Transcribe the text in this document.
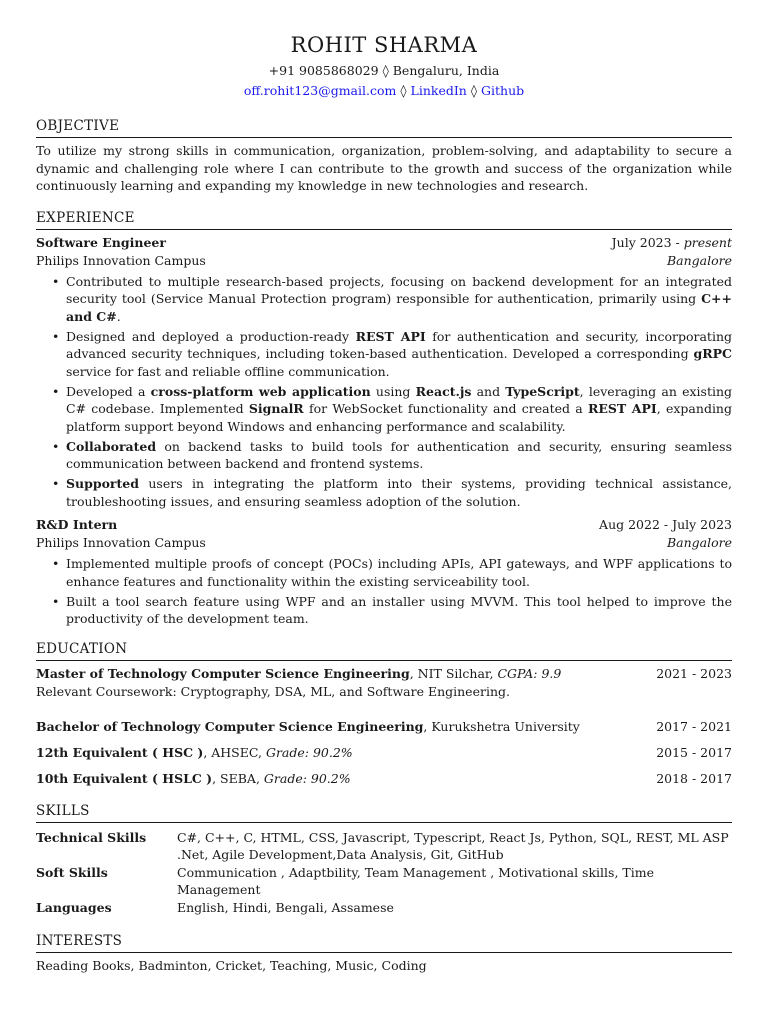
ROHIT SHARMA
+91 9085868029 ◊ Bengaluru, India
off.rohit123@gmail.com ◊ LinkedIn ◊ Github
OBJECTIVE
To utilize my strong skills in communication, organization, problem-solving, and adaptability to secure a dynamic and challenging role where I can contribute to the growth and success of the organization while continuously learning and expanding my knowledge in new technologies and research.
EXPERIENCE
Software Engineer	July 2023 - present
Philips Innovation Campus	Bangalore
• Contributed to multiple research-based projects, focusing on backend development for an integrated security tool (Service Manual Protection program) responsible for authentication, primarily using C++ and C#.
• Designed and deployed a production-ready REST API for authentication and security, incorporating advanced security techniques, including token-based authentication. Developed a corresponding gRPC service for fast and reliable offline communication.
• Developed a cross-platform web application using React.js and TypeScript, leveraging an existing C# codebase. Implemented SignalR for WebSocket functionality and created a REST API, expanding platform support beyond Windows and enhancing performance and scalability.
• Collaborated on backend tasks to build tools for authentication and security, ensuring seamless communication between backend and frontend systems.
• Supported users in integrating the platform into their systems, providing technical assistance, troubleshooting issues, and ensuring seamless adoption of the solution.
R&D Intern	Aug 2022 - July 2023
Philips Innovation Campus	Bangalore
• Implemented multiple proofs of concept (POCs) including APIs, API gateways, and WPF applications to enhance features and functionality within the existing serviceability tool.
• Built a tool search feature using WPF and an installer using MVVM. This tool helped to improve the productivity of the development team.
EDUCATION
Master of Technology Computer Science Engineering, NIT Silchar, CGPA: 9.9	2021 - 2023
Relevant Coursework: Cryptography, DSA, ML, and Software Engineering.
Bachelor of Technology Computer Science Engineering, Kurukshetra University	2017 - 2021
12th Equivalent ( HSC ), AHSEC, Grade: 90.2%	2015 - 2017
10th Equivalent ( HSLC ), SEBA, Grade: 90.2%	2018 - 2017
SKILLS
Technical Skills	C#, C++, C, HTML, CSS, Javascript, Typescript, React Js, Python, SQL, REST, ML ASP .Net, Agile Development,Data Analysis, Git, GitHub
Soft Skills	Communication , Adaptbility, Team Management , Motivational skills, Time Management
Languages	English, Hindi, Bengali, Assamese
INTERESTS
Reading Books, Badminton, Cricket, Teaching, Music, Coding
